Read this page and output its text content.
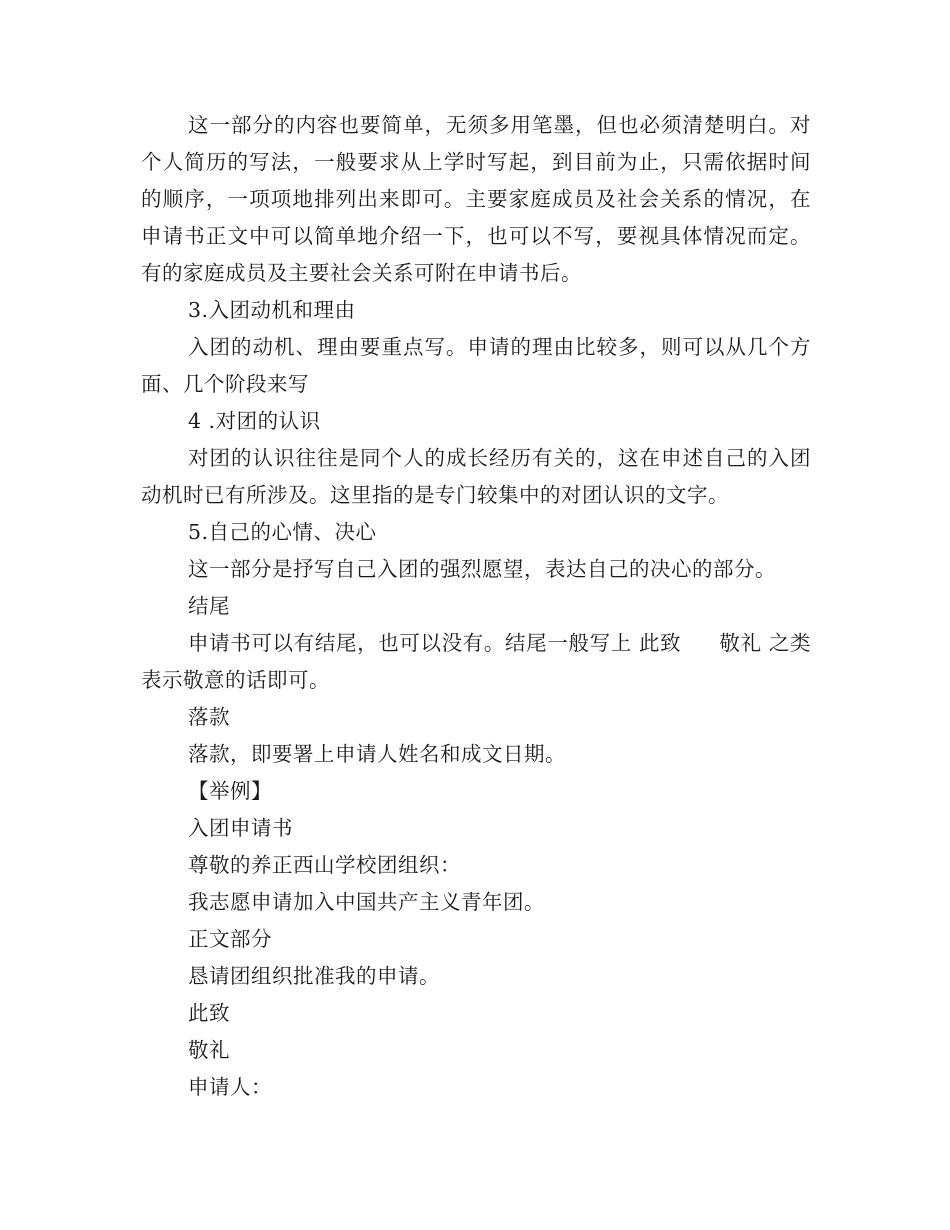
这一部分的内容也要简单，无须多用笔墨，但也必须清楚明白。对个人简历的写法，一般要求从上学时写起，到目前为止，只需依据时间的顺序，一项项地排列出来即可。主要家庭成员及社会关系的情况，在申请书正文中可以简单地介绍一下，也可以不写，要视具体情况而定。有的家庭成员及主要社会关系可附在申请书后。

3.入团动机和理由

入团的动机、理由要重点写。申请的理由比较多，则可以从几个方面、几个阶段来写

4 .对团的认识

对团的认识往往是同个人的成长经历有关的，这在申述自己的入团动机时已有所涉及。这里指的是专门较集中的对团认识的文字。

5.自己的心情、决心

这一部分是抒写自己入团的强烈愿望，表达自己的决心的部分。

结尾

申请书可以有结尾，也可以没有。结尾一般写上 此致 敬礼 之类表示敬意的话即可。

落款

落款，即要署上申请人姓名和成文日期。

【举例】

入团申请书

尊敬的养正西山学校团组织：

我志愿申请加入中国共产主义青年团。

正文部分

恳请团组织批准我的申请。

此致

敬礼

申请人：
